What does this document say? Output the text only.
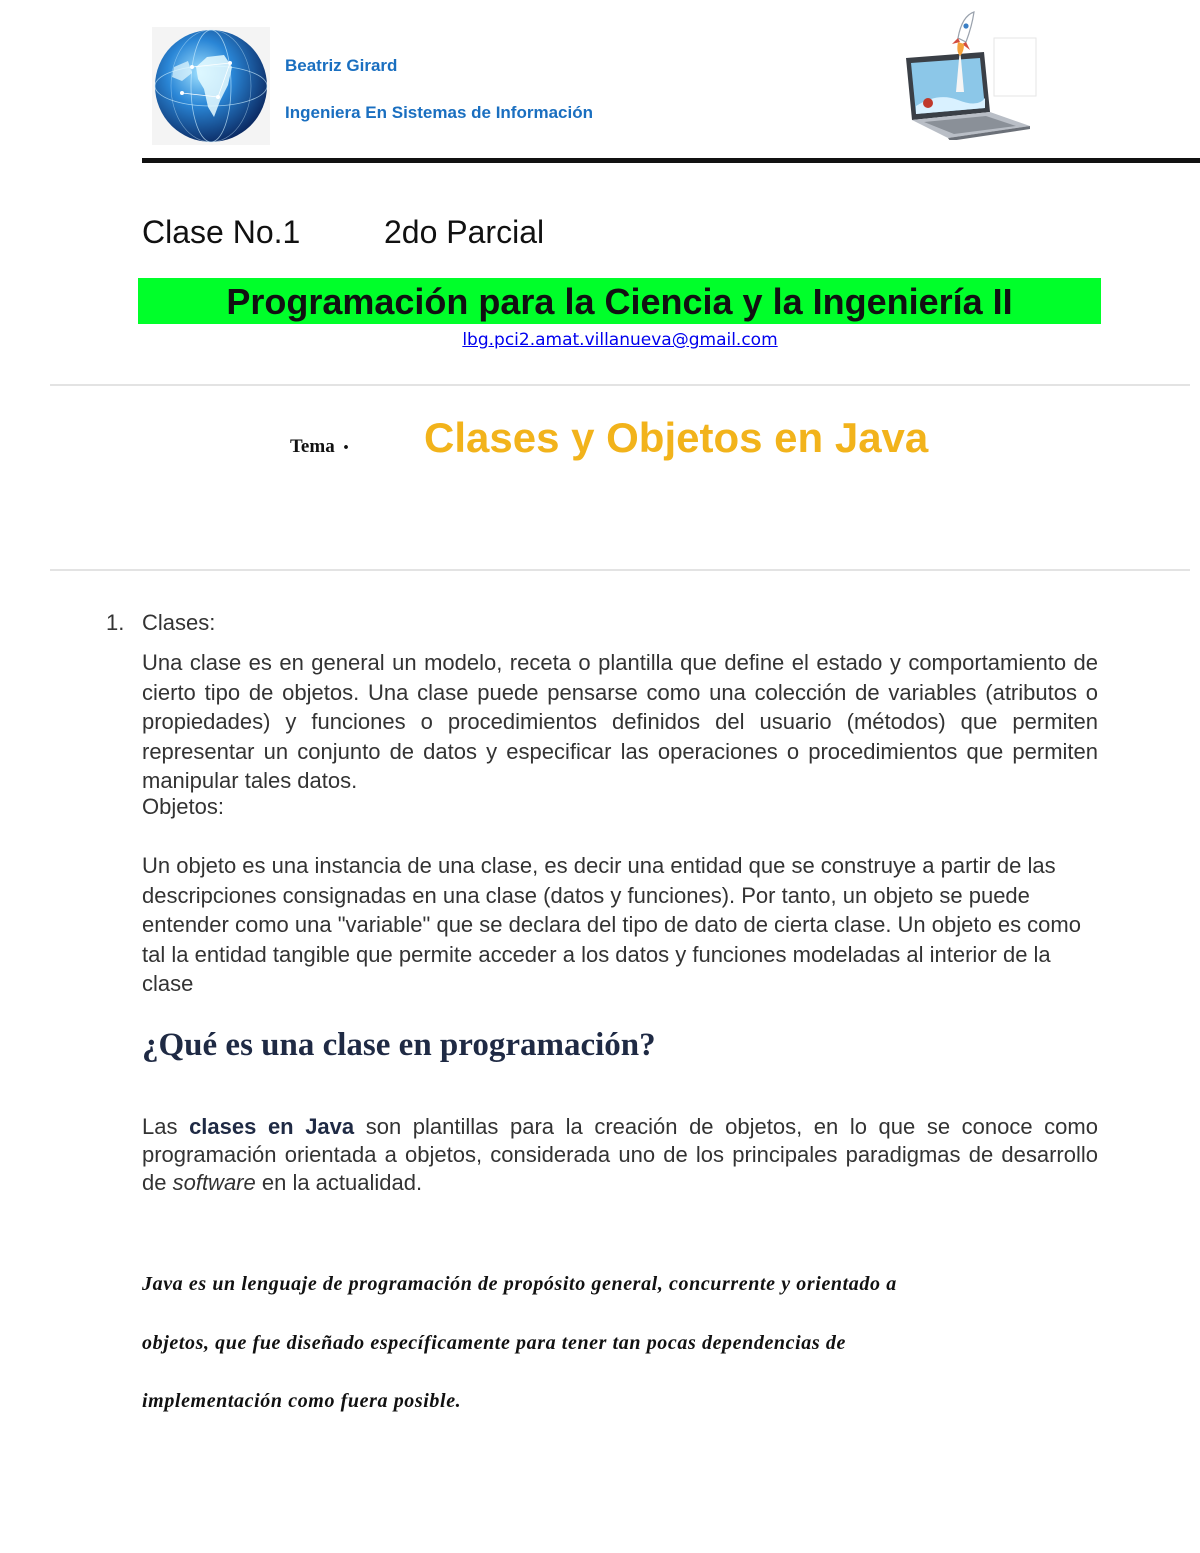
Beatriz Girard
Ingeniera En Sistemas de Información
Clase No.1	2do Parcial
Programación para la Ciencia y la Ingeniería II
lbg.pci2.amat.villanueva@gmail.com
Tema . Clases y Objetos en Java
1. Clases:
Una clase es en general un modelo, receta o plantilla que define el estado y comportamiento de cierto tipo de objetos. Una clase puede pensarse como una colección de variables (atributos o propiedades) y funciones o procedimientos definidos del usuario (métodos) que permiten representar un conjunto de datos y especificar las operaciones o procedimientos que permiten manipular tales datos.
Objetos:
Un objeto es una instancia de una clase, es decir una entidad que se construye a partir de las descripciones consignadas en una clase (datos y funciones). Por tanto, un objeto se puede entender como una "variable" que se declara del tipo de dato de cierta clase. Un objeto es como tal la entidad tangible que permite acceder a los datos y funciones modeladas al interior de la clase
¿Qué es una clase en programación?
Las clases en Java son plantillas para la creación de objetos, en lo que se conoce como programación orientada a objetos, considerada uno de los principales paradigmas de desarrollo de software en la actualidad.
Java es un lenguaje de programación de propósito general, concurrente y orientado a
objetos, que fue diseñado específicamente para tener tan pocas dependencias de
implementación como fuera posible.
